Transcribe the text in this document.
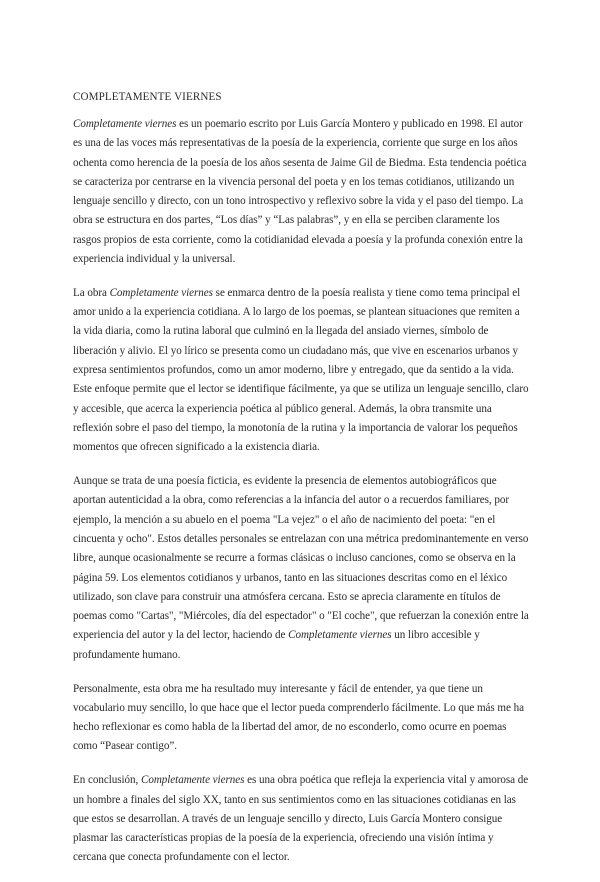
COMPLETAMENTE VIERNES

Completamente viernes es un poemario escrito por Luis García Montero y publicado en 1998. El autor es una de las voces más representativas de la poesía de la experiencia, corriente que surge en los años ochenta como herencia de la poesía de los años sesenta de Jaime Gil de Biedma. Esta tendencia poética se caracteriza por centrarse en la vivencia personal del poeta y en los temas cotidianos, utilizando un lenguaje sencillo y directo, con un tono introspectivo y reflexivo sobre la vida y el paso del tiempo. La obra se estructura en dos partes, “Los días” y “Las palabras”, y en ella se perciben claramente los rasgos propios de esta corriente, como la cotidianidad elevada a poesía y la profunda conexión entre la experiencia individual y la universal.

La obra Completamente viernes se enmarca dentro de la poesía realista y tiene como tema principal el amor unido a la experiencia cotidiana. A lo largo de los poemas, se plantean situaciones que remiten a la vida diaria, como la rutina laboral que culminó en la llegada del ansiado viernes, símbolo de liberación y alivio. El yo lírico se presenta como un ciudadano más, que vive en escenarios urbanos y expresa sentimientos profundos, como un amor moderno, libre y entregado, que da sentido a la vida. Este enfoque permite que el lector se identifique fácilmente, ya que se utiliza un lenguaje sencillo, claro y accesible, que acerca la experiencia poética al público general. Además, la obra transmite una reflexión sobre el paso del tiempo, la monotonía de la rutina y la importancia de valorar los pequeños momentos que ofrecen significado a la existencia diaria.

Aunque se trata de una poesía ficticia, es evidente la presencia de elementos autobiográficos que aportan autenticidad a la obra, como referencias a la infancia del autor o a recuerdos familiares, por ejemplo, la mención a su abuelo en el poema "La vejez" o el año de nacimiento del poeta: "en el cincuenta y ocho". Estos detalles personales se entrelazan con una métrica predominantemente en verso libre, aunque ocasionalmente se recurre a formas clásicas o incluso canciones, como se observa en la página 59. Los elementos cotidianos y urbanos, tanto en las situaciones descritas como en el léxico utilizado, son clave para construir una atmósfera cercana. Esto se aprecia claramente en títulos de poemas como "Cartas", "Miércoles, día del espectador" o "El coche", que refuerzan la conexión entre la experiencia del autor y la del lector, haciendo de Completamente viernes un libro accesible y profundamente humano.

Personalmente, esta obra me ha resultado muy interesante y fácil de entender, ya que tiene un vocabulario muy sencillo, lo que hace que el lector pueda comprenderlo fácilmente. Lo que más me ha hecho reflexionar es como habla de la libertad del amor, de no esconderlo, como ocurre en poemas como “Pasear contigo”.

En conclusión, Completamente viernes es una obra poética que refleja la experiencia vital y amorosa de un hombre a finales del siglo XX, tanto en sus sentimientos como en las situaciones cotidianas en las que estos se desarrollan. A través de un lenguaje sencillo y directo, Luis García Montero consigue plasmar las características propias de la poesía de la experiencia, ofreciendo una visión íntima y cercana que conecta profundamente con el lector.
